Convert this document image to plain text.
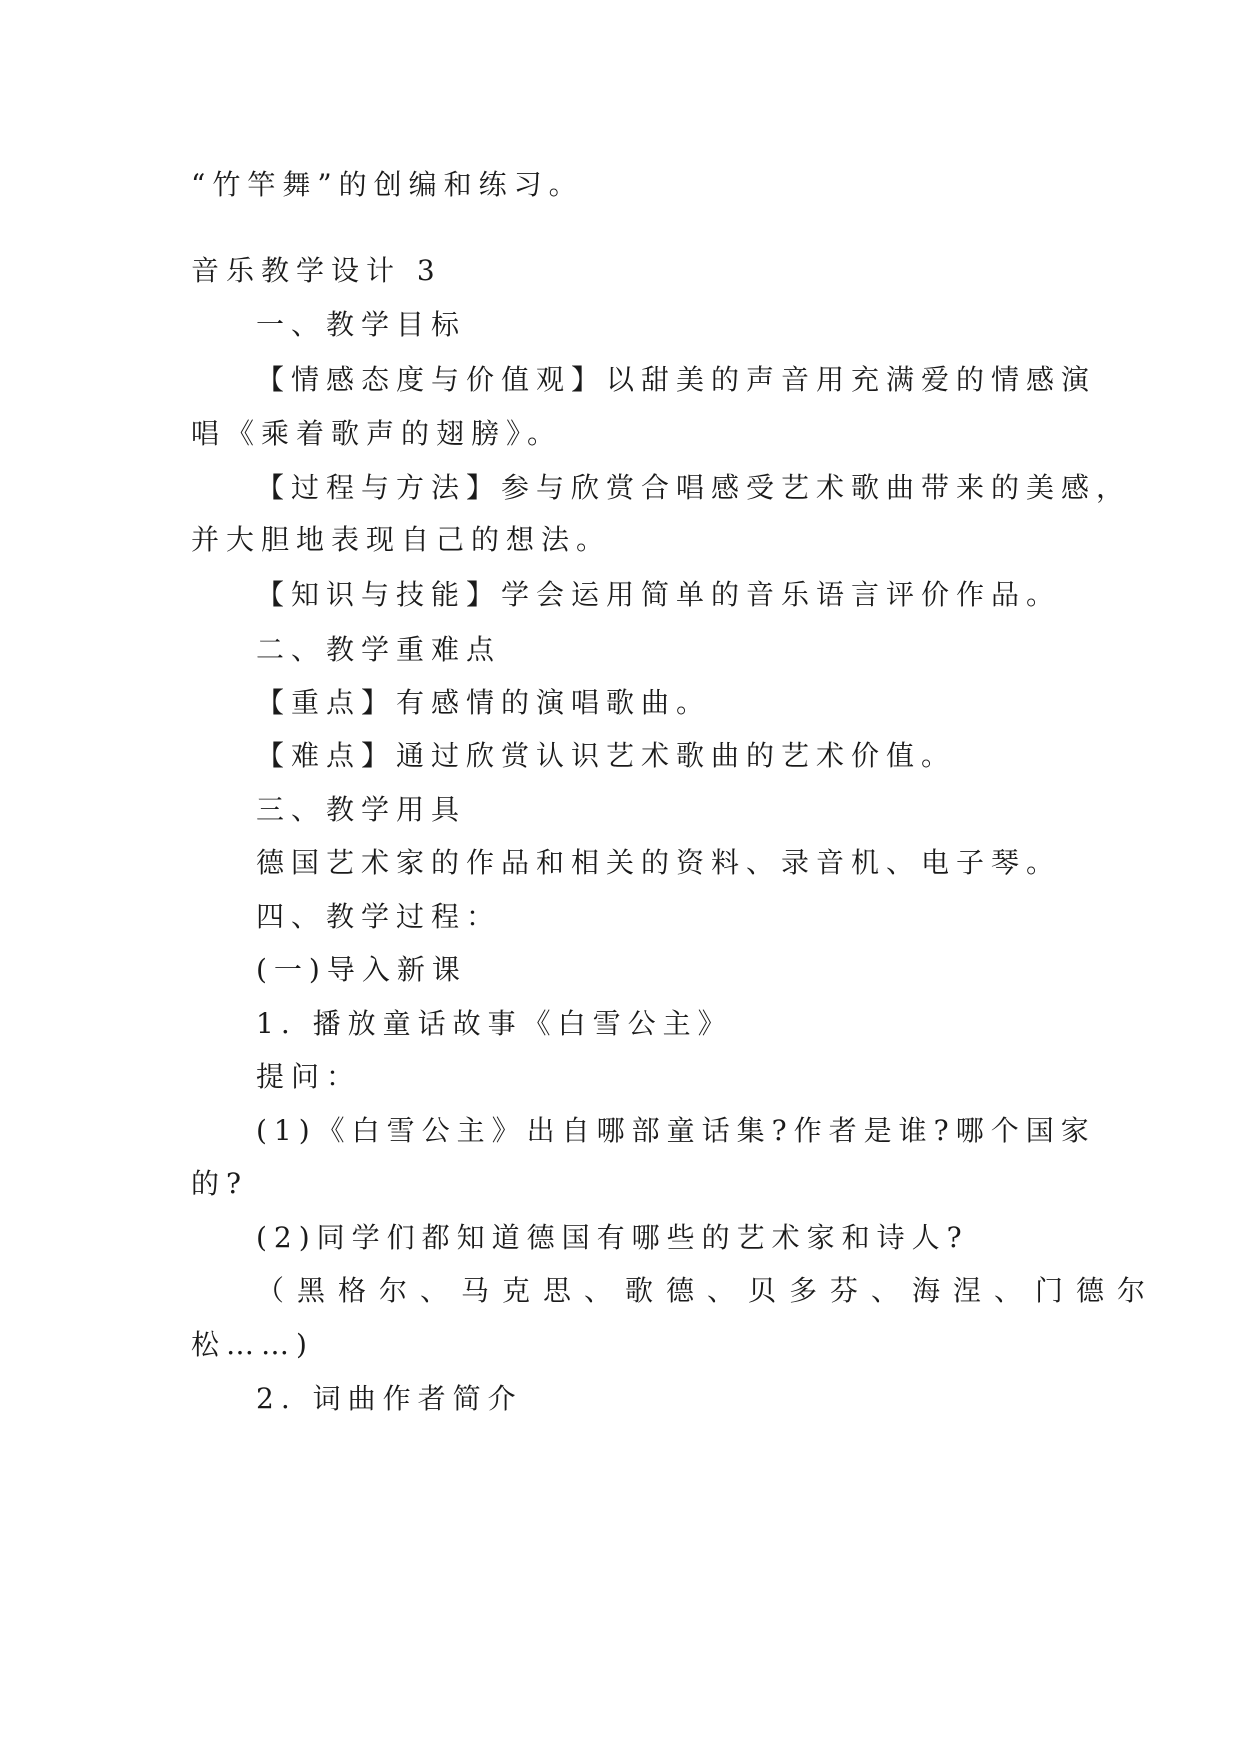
“竹竿舞”的创编和练习。
音乐教学设计 3
一、教学目标
【情感态度与价值观】以甜美的声音用充满爱的情感演
唱《乘着歌声的翅膀》。
【过程与方法】参与欣赏合唱感受艺术歌曲带来的美感，
并大胆地表现自己的想法。
【知识与技能】学会运用简单的音乐语言评价作品。
二、教学重难点
【重点】有感情的演唱歌曲。
【难点】通过欣赏认识艺术歌曲的艺术价值。
三、教学用具
德国艺术家的作品和相关的资料、录音机、电子琴。
四、教学过程：
(一)导入新课
1. 播放童话故事《白雪公主》
提问：
(1)《白雪公主》出自哪部童话集?作者是谁?哪个国家
的?
(2)同学们都知道德国有哪些的艺术家和诗人?
（黑格尔、马克思、歌德、贝多芬、海涅、门德尔
松……)
2. 词曲作者简介
